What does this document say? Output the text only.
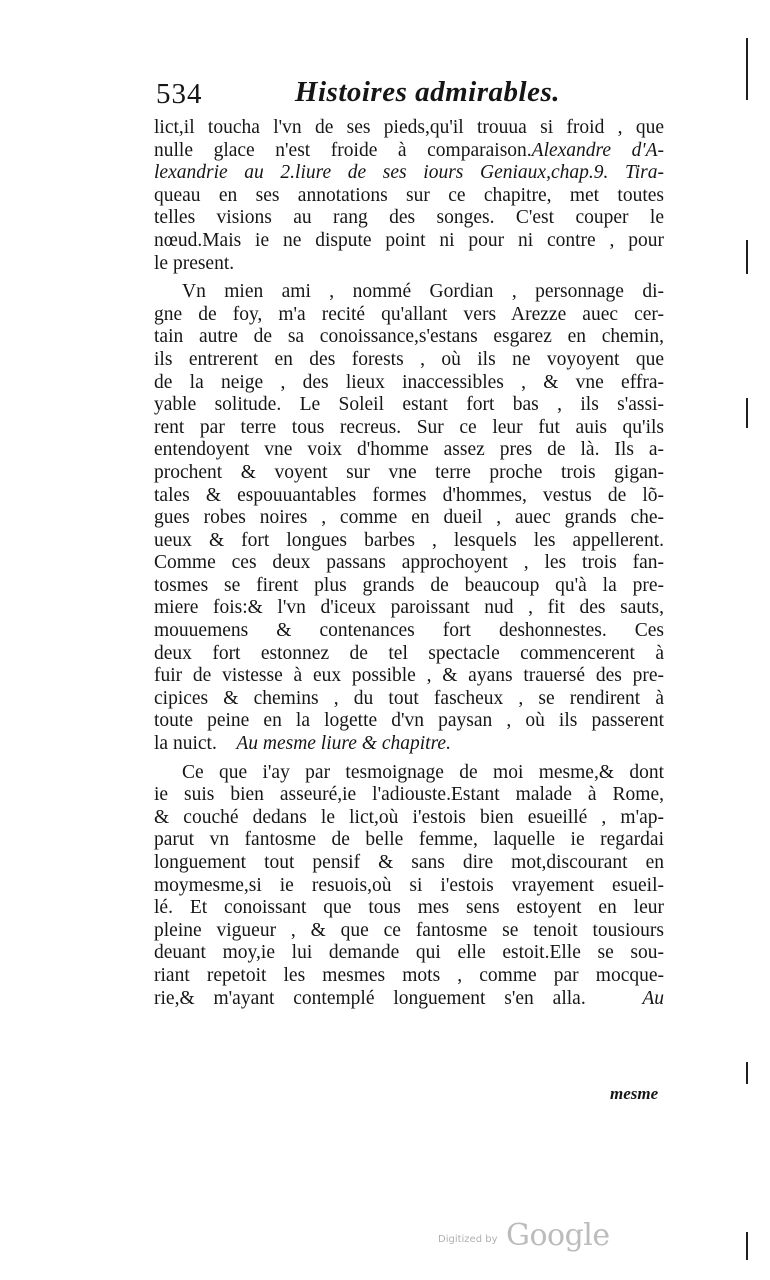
534	Histoires admirables.
lict,il toucha l'vn de ses pieds,qu'il trouua si froid , que
nulle glace n'est froide à comparaison.Alexandre d'A-
lexandrie au 2.liure de ses iours Geniaux,chap.9. Tira-
queau en ses annotations sur ce chapitre, met toutes
telles visions au rang des songes. C'est couper le
nœud.Mais ie ne dispute point ni pour ni contre , pour
le present.
Vn mien ami , nommé Gordian , personnage di-
gne de foy, m'a recité qu'allant vers Arezze auec cer-
tain autre de sa conoissance,s'estans esgarez en chemin,
ils entrerent en des forests , où ils ne voyoyent que
de la neige , des lieux inaccessibles , & vne effra-
yable solitude. Le Soleil estant fort bas , ils s'assi-
rent par terre tous recreus. Sur ce leur fut auis qu'ils
entendoyent vne voix d'homme assez pres de là. Ils a-
prochent & voyent sur vne terre proche trois gigan-
tales & espouuantables formes d'hommes, vestus de lõ-
gues robes noires , comme en dueil , auec grands che-
ueux & fort longues barbes , lesquels les appellerent.
Comme ces deux passans approchoyent , les trois fan-
tosmes se firent plus grands de beaucoup qu'à la pre-
miere fois:& l'vn d'iceux paroissant nud , fit des sauts,
mouuemens & contenances fort deshonnestes. Ces
deux fort estonnez de tel spectacle commencerent à
fuir de vistesse à eux possible , & ayans trauersé des pre-
cipices & chemins , du tout fascheux , se rendirent à
toute peine en la logette d'vn paysan , où ils passerent
la nuict. Au mesme liure & chapitre.
Ce que i'ay par tesmoignage de moi mesme,& dont
ie suis bien asseuré,ie l'adiouste.Estant malade à Rome,
& couché dedans le lict,où i'estois bien esueillé , m'ap-
parut vn fantosme de belle femme, laquelle ie regardai
longuement tout pensif & sans dire mot,discourant en
moymesme,si ie resuois,où si i'estois vrayement esueil-
lé. Et conoissant que tous mes sens estoyent en leur
pleine vigueur , & que ce fantosme se tenoit tousiours
deuant moy,ie lui demande qui elle estoit.Elle se sou-
riant repetoit les mesmes mots , comme par mocque-
rie,& m'ayant contemplé longuement s'en alla.	Au
mesme
Digitized by Google
